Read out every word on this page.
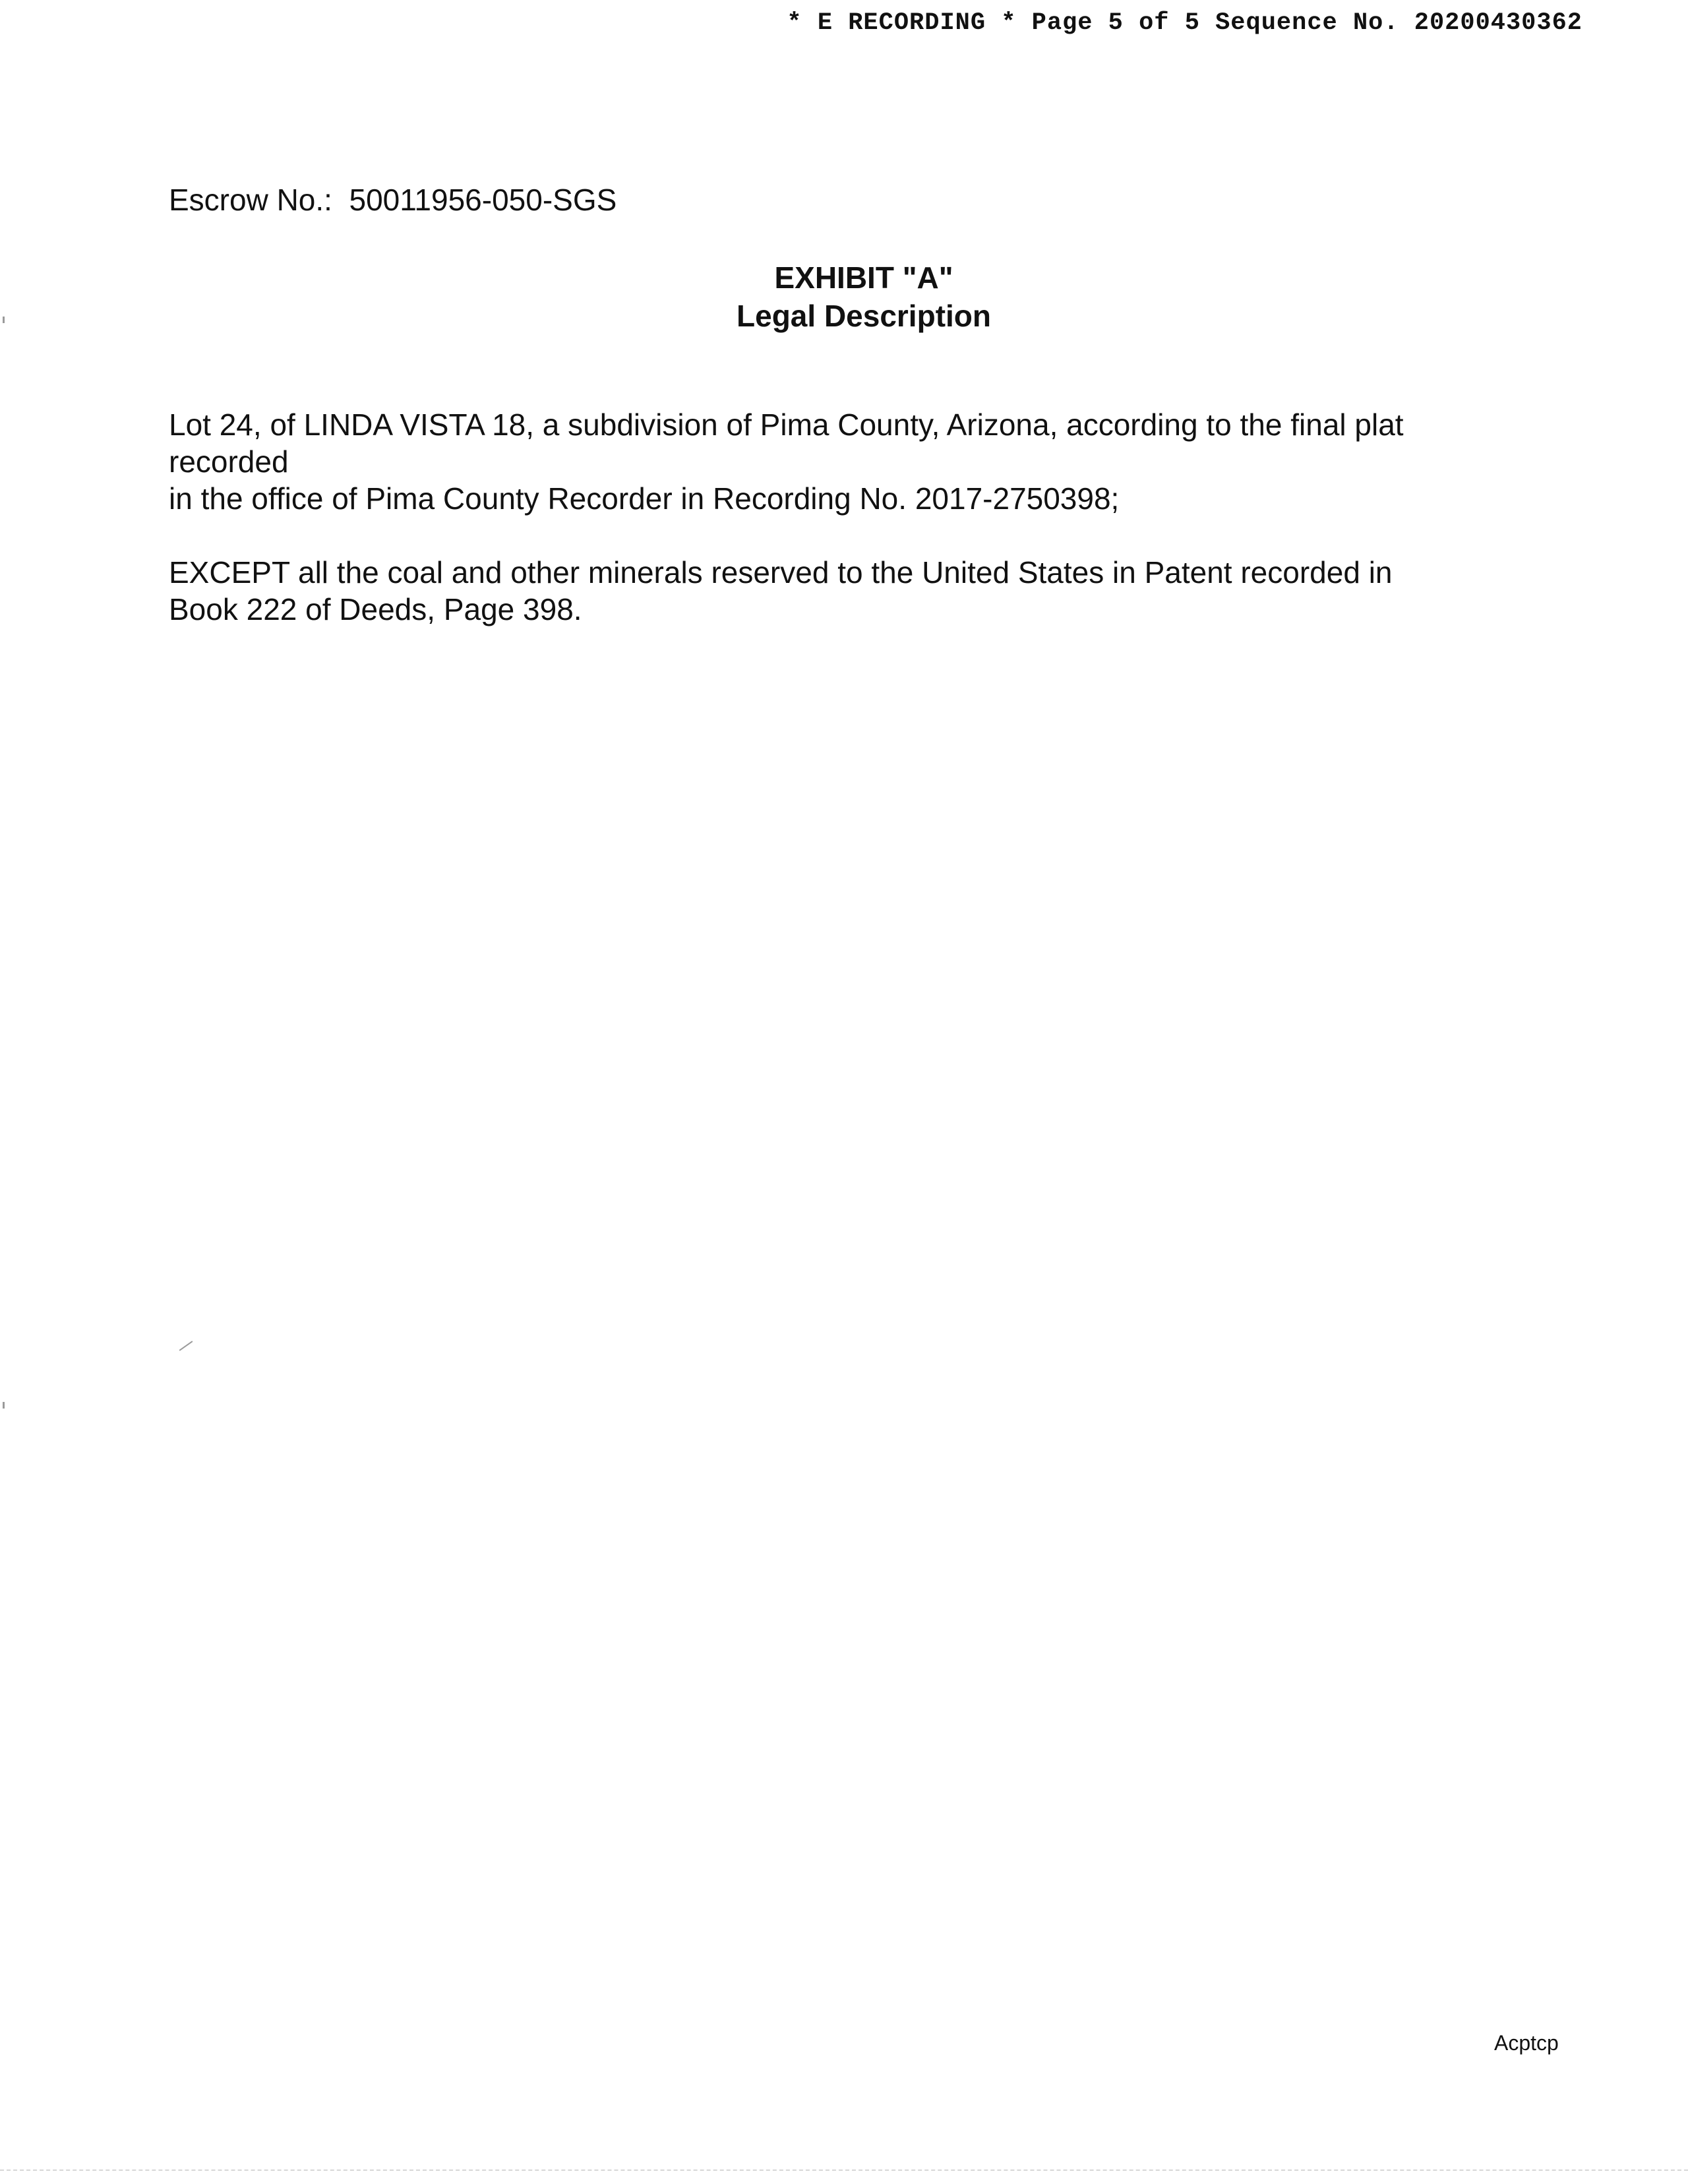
* E RECORDING * Page 5 of 5 Sequence No. 20200430362
Escrow No.: 50011956-050-SGS
EXHIBIT "A"
Legal Description

Lot 24, of LINDA VISTA 18, a subdivision of Pima County, Arizona, according to the final plat

recorded

in the office of Pima County Recorder in Recording No. 2017-2750398;

EXCEPT all the coal and other minerals reserved to the United States in Patent recorded in

Book 222 of Deeds, Page 398.

Acptcp
